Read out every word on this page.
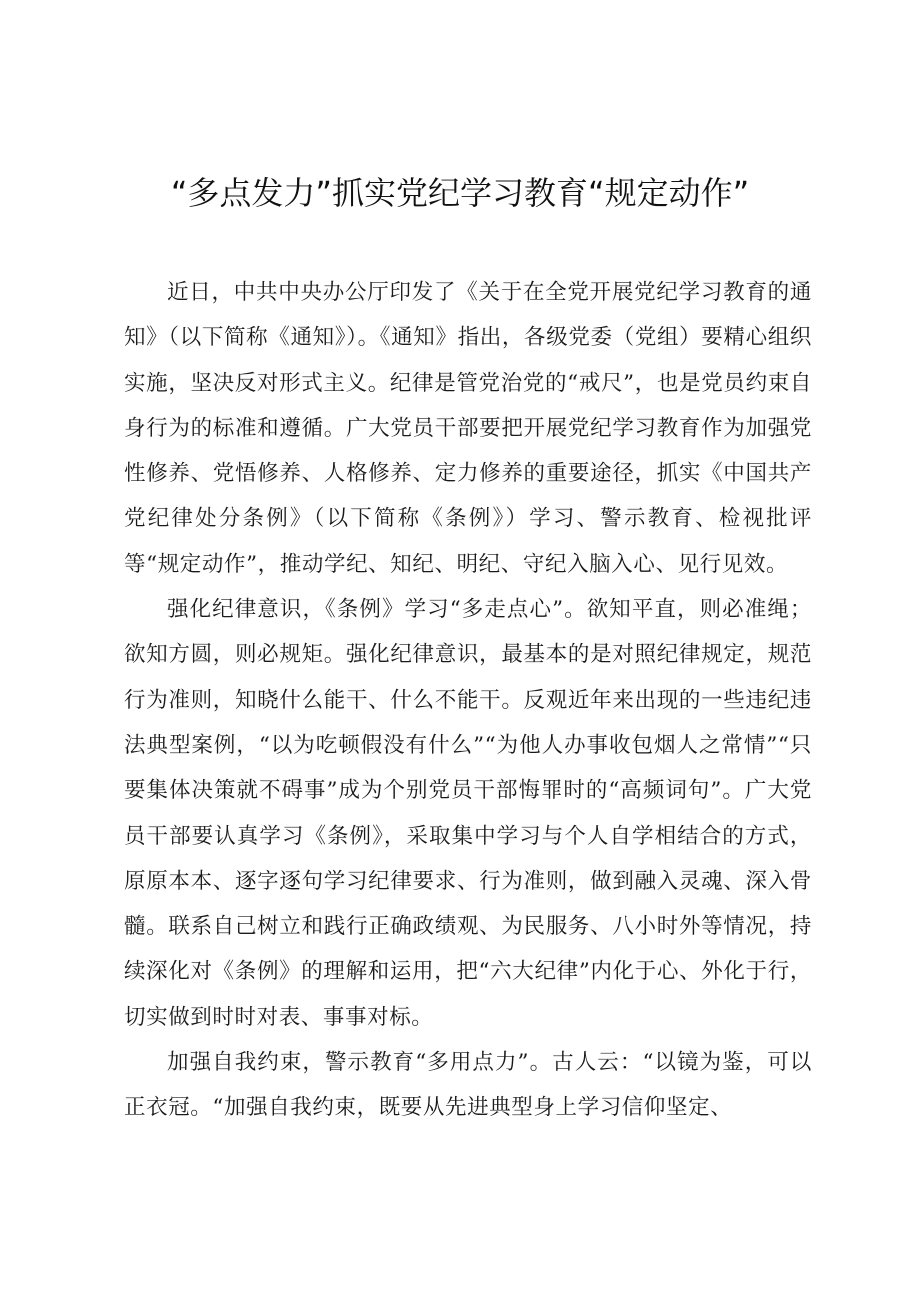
“多点发力”抓实党纪学习教育“规定动作”

近日，中共中央办公厅印发了《关于在全党开展党纪学习教育的通知》（以下简称《通知》）。《通知》指出，各级党委（党组）要精心组织实施，坚决反对形式主义。纪律是管党治党的“戒尺”，也是党员约束自身行为的标准和遵循。广大党员干部要把开展党纪学习教育作为加强党性修养、党悟修养、人格修养、定力修养的重要途径，抓实《中国共产党纪律处分条例》（以下简称《条例》）学习、警示教育、检视批评等“规定动作”，推动学纪、知纪、明纪、守纪入脑入心、见行见效。

强化纪律意识，《条例》学习“多走点心”。欲知平直，则必准绳；欲知方圆，则必规矩。强化纪律意识，最基本的是对照纪律规定，规范行为准则，知晓什么能干、什么不能干。反观近年来出现的一些违纪违法典型案例，“以为吃顿假没有什么”“为他人办事收包烟人之常情”“只要集体决策就不碍事”成为个别党员干部悔罪时的“高频词句”。广大党员干部要认真学习《条例》，采取集中学习与个人自学相结合的方式，原原本本、逐字逐句学习纪律要求、行为准则，做到融入灵魂、深入骨髓。联系自己树立和践行正确政绩观、为民服务、八小时外等情况，持续深化对《条例》的理解和运用，把“六大纪律”内化于心、外化于行，切实做到时时对表、事事对标。

加强自我约束，警示教育“多用点力”。古人云：“以镜为鉴，可以正衣冠。“加强自我约束，既要从先进典型身上学习信仰坚定、
